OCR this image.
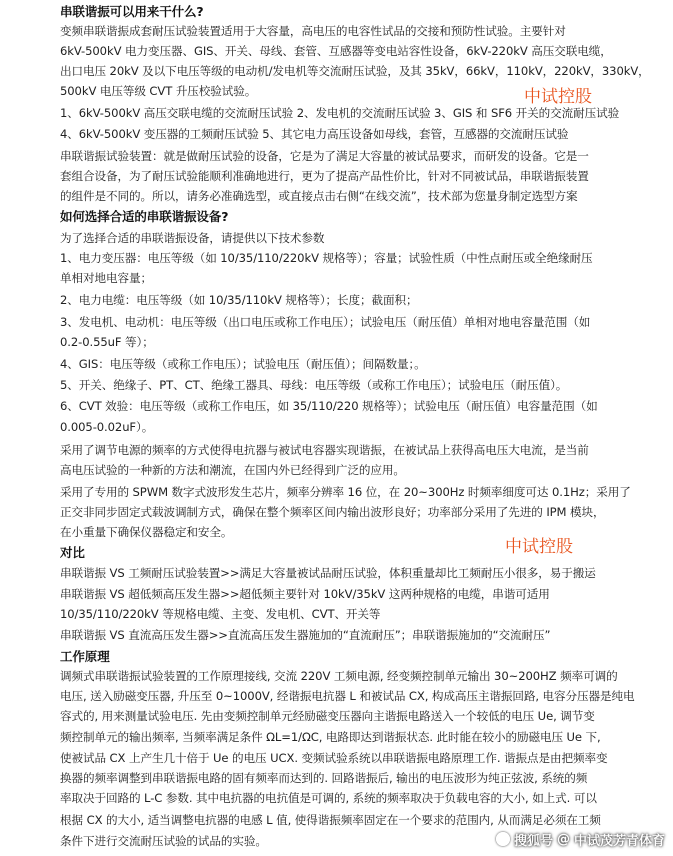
串联谐振可以用来干什么?
变频串联谐振成套耐压试验装置适用于大容量，高电压的电容性试品的交接和预防性试验。主要针对
6kV-500kV 电力变压器、GIS、开关、母线、套管、互感器等变电站容性设备，6kV-220kV 高压交联电缆，
出口电压 20kV 及以下电压等级的电动机/发电机等交流耐压试验，及其 35kV，66kV，110kV，220kV，330kV，
500kV 电压等级 CVT 升压校验试验。
1、6kV-500kV 高压交联电缆的交流耐压试验 2、发电机的交流耐压试验 3、GIS 和 SF6 开关的交流耐压试验
4、6kV-500kV 变压器的工频耐压试验 5、其它电力高压设备如母线，套管，互感器的交流耐压试验
串联谐振试验装置：就是做耐压试验的设备，它是为了满足大容量的被试品要求，而研发的设备。它是一
套组合设备，为了耐压试验能顺利准确地进行，更为了提高产品性价比，针对不同被试品，串联谐振装置
的组件是不同的。所以，请务必准确选型，或直接点击右侧“在线交流”，技术部为您量身制定选型方案
如何选择合适的串联谐振设备?
为了选择合适的串联谐振设备，请提供以下技术参数
1、电力变压器：电压等级（如 10/35/110/220kV 规格等）；容量；试验性质（中性点耐压或全绝缘耐压
单相对地电容量；
2、电力电缆：电压等级（如 10/35/110kV 规格等）；长度；截面积；
3、发电机、电动机：电压等级（出口电压或称工作电压）；试验电压（耐压值）单相对地电容量范围（如
0.2-0.55uF 等）；
4、GIS：电压等级（或称工作电压）；试验电压（耐压值）；间隔数量；。
5、开关、绝缘子、PT、CT、绝缘工器具、母线：电压等级（或称工作电压）；试验电压（耐压值）。
6、CVT 效验：电压等级（或称工作电压，如 35/110/220 规格等）；试验电压（耐压值）电容量范围（如
0.005-0.02uF）。
采用了调节电源的频率的方式使得电抗器与被试电容器实现谐振，在被试品上获得高电压大电流，是当前
高电压试验的一种新的方法和潮流，在国内外已经得到广泛的应用。
采用了专用的 SPWM 数字式波形发生芯片，频率分辨率 16 位，在 20~300Hz 时频率细度可达 0.1Hz；采用了
正交非同步固定式载波调制方式，确保在整个频率区间内输出波形良好；功率部分采用了先进的 IPM 模块，
在小重量下确保仪器稳定和安全。
对比
串联谐振 VS 工频耐压试验装置>>满足大容量被试品耐压试验，体积重量却比工频耐压小很多，易于搬运
串联谐振 VS 超低频高压发生器>>超低频主要针对 10kV/35kV 这两种规格的电缆，串谐可适用
10/35/110/220kV 等规格电缆、主变、发电机、CVT、开关等
串联谐振 VS 直流高压发生器>>直流高压发生器施加的“直流耐压”；串联谐振施加的“交流耐压”
工作原理
调频式串联谐振试验装置的工作原理接线, 交流 220V 工频电源, 经变频控制单元输出 30~200HZ 频率可调的
电压, 送入励磁变压器, 升压至 0~1000V, 经谐振电抗器 L 和被试品 CX, 构成高压主谐振回路, 电容分压器是纯电
容式的, 用来测量试验电压. 先由变频控制单元经励磁变压器向主谐振电路送入一个较低的电压 Ue, 调节变
频控制单元的输出频率, 当频率满足条件 ΩL=1/ΩC, 电路即达到谐振状态. 此时能在较小的励磁电压 Ue 下,
使被试品 CX 上产生几十倍于 Ue 的电压 UCX. 变频试验系统以串联谐振电路原理工作. 谐振点是由把频率变
换器的频率调整到串联谐振电路的固有频率而达到的. 回路谐振后, 输出的电压波形为纯正弦波, 系统的频
率取决于回路的 L-C 参数. 其中电抗器的电抗值是可调的, 系统的频率取决于负载电容的大小, 如上式. 可以
根据 CX 的大小, 适当调整电抗器的电感 L 值, 使得谐振频率固定在一个要求的范围内, 从而满足必须在工频
条件下进行交流耐压试验的试品的实验。
中试控股
中试控股
搜狐号 @ 中试茂芳青体育
